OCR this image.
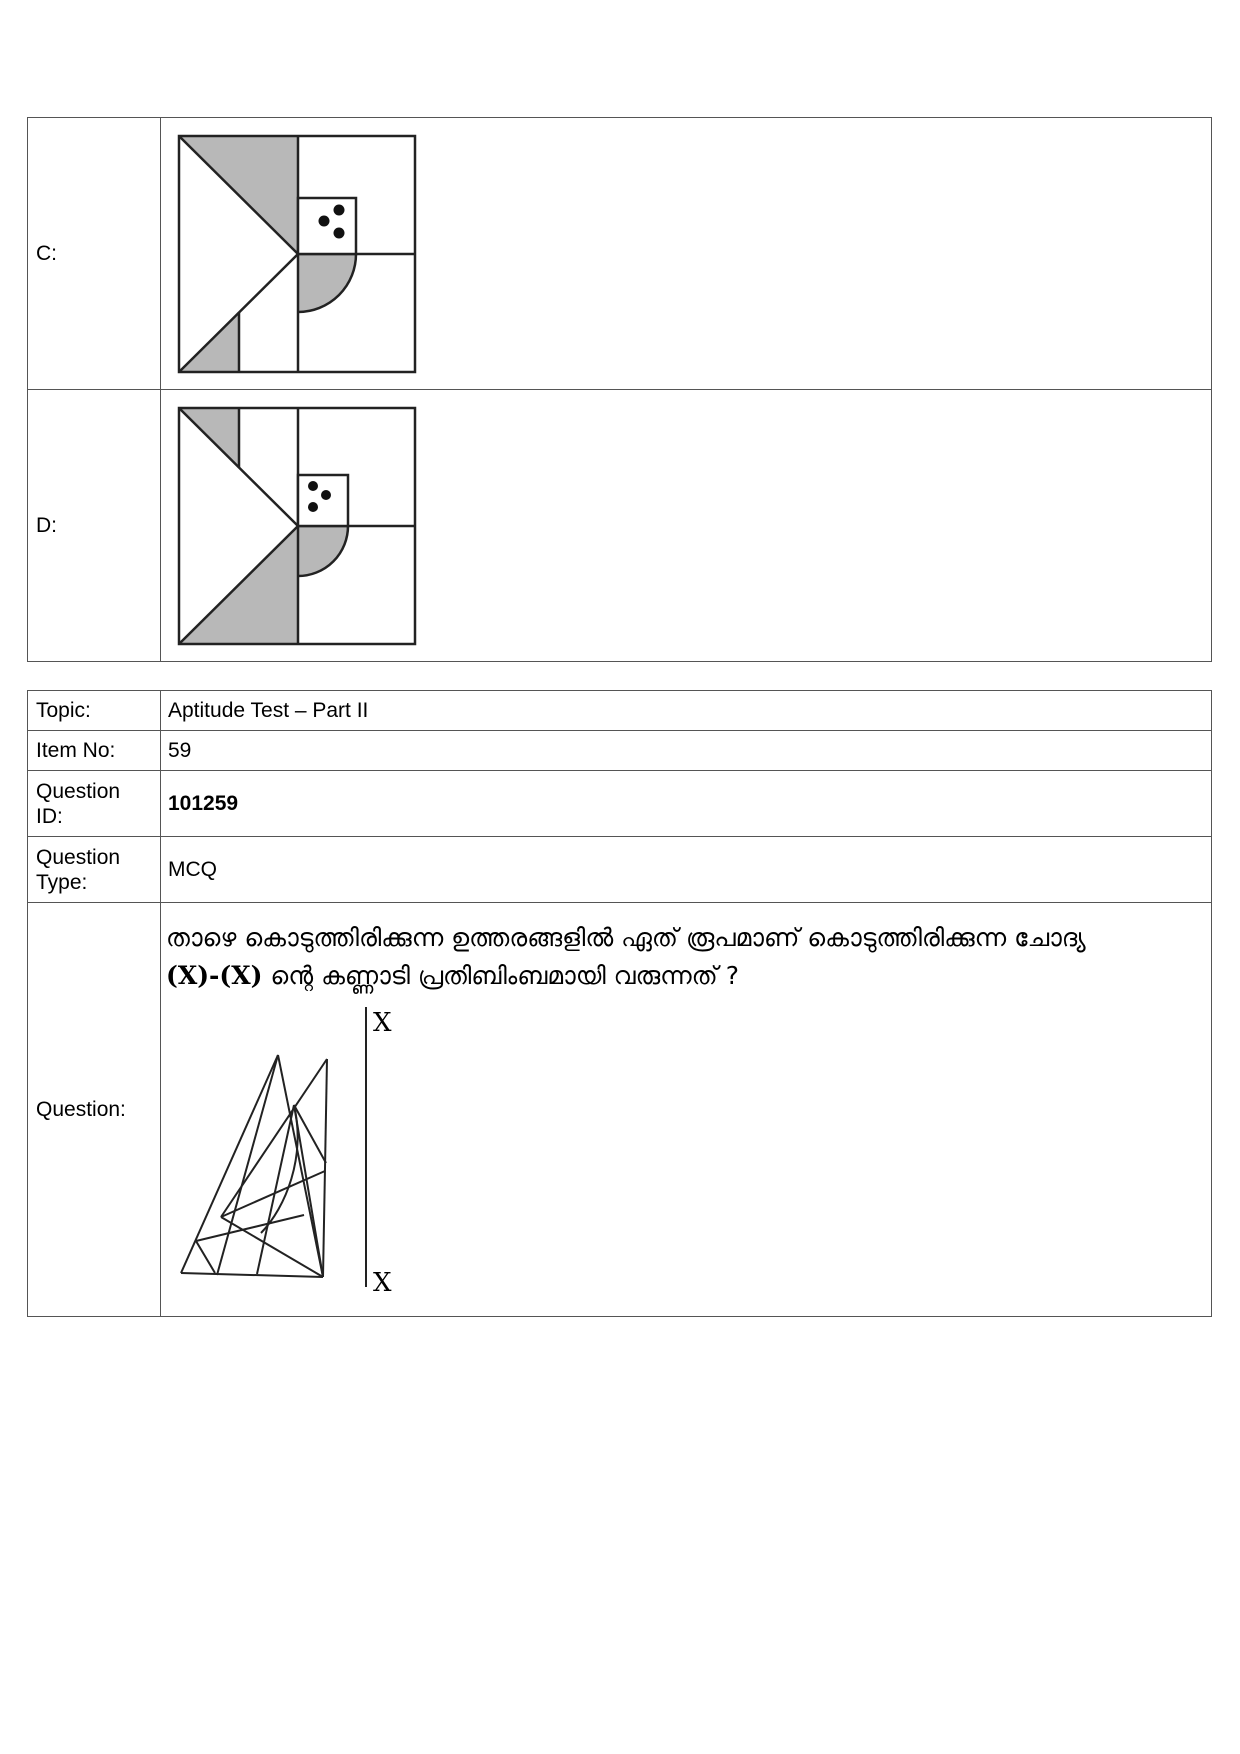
C:	

D:	
Topic:	Aptitude Test – Part II
Item No:	59
Question
ID:	101259
Question
Type:	MCQ
Question:	താഴെ കൊടുത്തിരിക്കുന്ന ഉത്തരങ്ങളിൽ ഏത് രൂപമാണ് കൊടുത്തിരിക്കുന്ന ചോദ്യ
(X)-(X) ന്റെ കണ്ണാടി പ്രതിബിംബമായി വരുന്നത് ?
X
X
